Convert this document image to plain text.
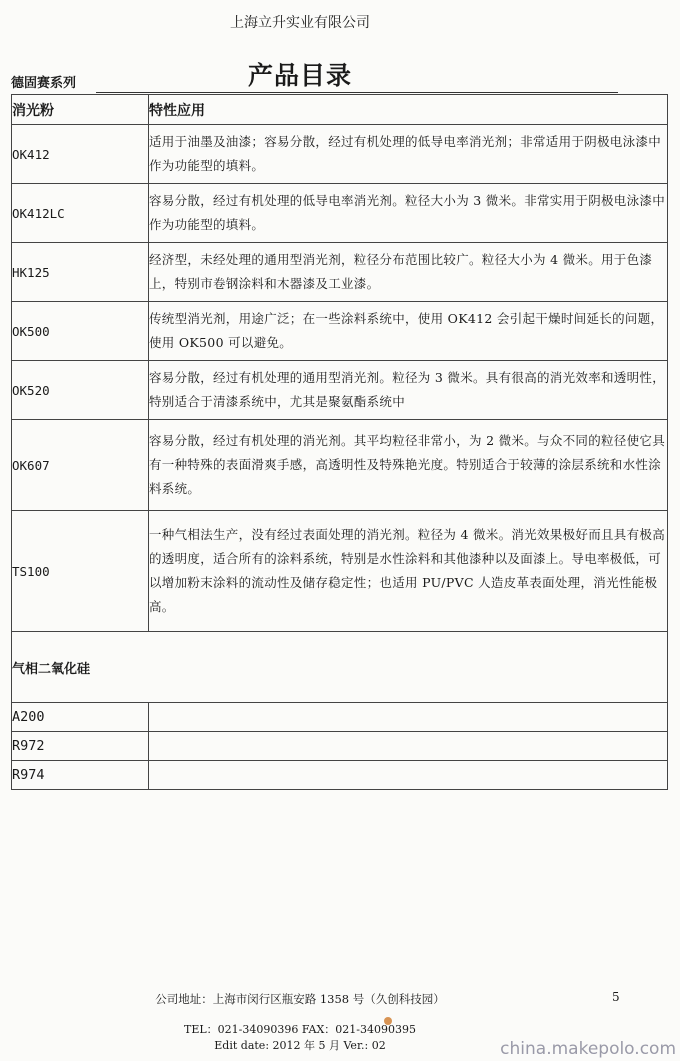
上海立升实业有限公司
产品目录
德固赛系列
消光粉	特性应用
OK412	适用于油墨及油漆；容易分散，经过有机处理的低导电率消光剂；非常适用于阴极电泳漆中作为功能型的填料。
OK412LC	容易分散，经过有机处理的低导电率消光剂。粒径大小为 3 微米。非常实用于阴极电泳漆中作为功能型的填料。
HK125	经济型，未经处理的通用型消光剂，粒径分布范围比较广。粒径大小为 4 微米。用于色漆上，特别市卷钢涂料和木器漆及工业漆。
OK500	传统型消光剂，用途广泛；在一些涂料系统中，使用 OK412 会引起干燥时间延长的问题，使用 OK500 可以避免。
OK520	容易分散，经过有机处理的通用型消光剂。粒径为 3 微米。具有很高的消光效率和透明性，特别适合于清漆系统中，尤其是聚氨酯系统中
OK607	容易分散，经过有机处理的消光剂。其平均粒径非常小，为 2 微米。与众不同的粒径使它具有一种特殊的表面滑爽手感，高透明性及特殊艳光度。特别适合于较薄的涂层系统和水性涂料系统。
TS100	一种气相法生产，没有经过表面处理的消光剂。粒径为 4 微米。消光效果极好而且具有极高的透明度，适合所有的涂料系统，特别是水性涂料和其他漆种以及面漆上。导电率极低，可以增加粉末涂料的流动性及储存稳定性；也适用 PU/PVC 人造皮革表面处理，消光性能极高。
气相二氧化硅	
A200	
R972	
R974	
公司地址：上海市闵行区瓶安路 1358 号（久创科技园）	5
TEL：021-34090396 FAX：021-34090395
Edit date: 2012 年 5 月 Ver.: 02	china.makepolo.com
